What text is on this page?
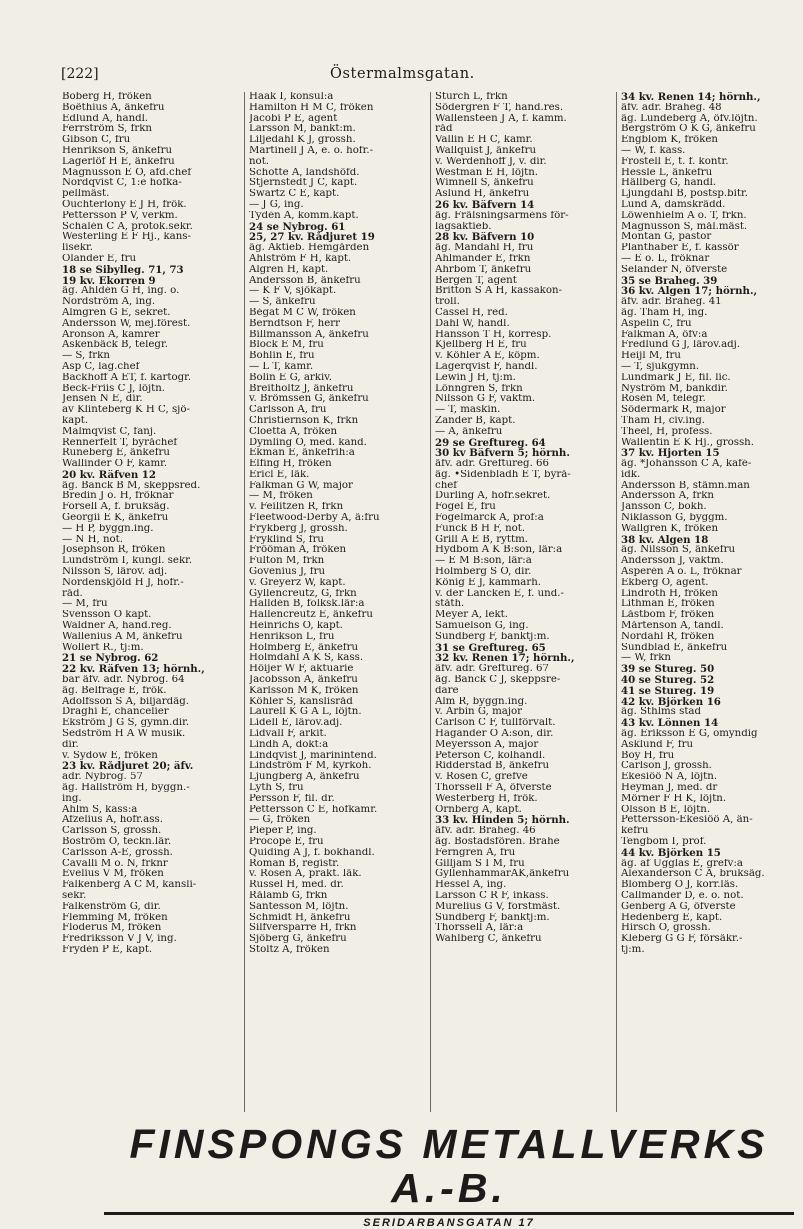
[222]	Östermalmsgatan.
Boberg H, fröken
Boëthius A, änkefru
Edlund A, handl.
Ferrström S, frkn
Gibson C, fru
Henrikson S, änkefru
Lagerlöf H E, änkefru
Magnusson E O, afd.chef
Nordqvist C, 1:e hofka-
pellmäst.
Ouchterlony E J H, frök.
Pettersson P V, verkm.
Schalén C A, protok.sekr.
Westerling E F Hj., kans-
lisekr.
Olander E, fru
18 se Sibylleg. 71, 73
19 kv. Ekorren 9
äg. Ahldén G H, ing. o.
Nordström A, ing.
Almgren G E, sekret.
Andersson W, mej.förest.
Aronson A, kamrer
Askenbäck B, telegr.
— S, frkn
Asp C, lag.chef
Backhoff A ET, f. kartogr.
Beck-Friis C J, löjtn.
Jensen N E, dir.
av Klinteberg K H C, sjö-
kapt.
Malmqvist C, fanj.
Rennerfelt T, byråchef
Runeberg E, änkefru
Wallinder O F, kamr.
20 kv. Räfven 12
äg. Banck B M, skeppsred.
Bredin J o. H, fröknar
Forsell A, f. bruksäg.
Georgii E K, änkefru
— H P, byggn.ing.
— N H, not.
Josephson R, fröken
Lundström I, kungl. sekr.
Nilsson S, lärov. adj.
Nordenskjöld H J, hofr.-
råd.
— M, fru
Svensson O kapt.
Waldner A, hand.reg.
Wallenius A M, änkefru
Wollert R., tj:m.
21 se Nybrog. 62
22 kv. Räfven 13; hörnh.,
bar äfv. adr. Nybrog. 64
äg. Belfrage E, frök.
Adolfsson S A, biljardäg.
Draghi E, chancelier
Ekström J G S, gymn.dir.
Sedström H A W musik.
dir.
v. Sydow E, fröken
23 kv. Rådjuret 20; äfv.
adr. Nybrog. 57
äg. Hallström H, byggn.-
ing.
Ahlm S, kass:a
Afzelius A, hofr.ass.
Carlsson S, grossh.
Boström O, teckn.lär.
Carlsson A-E, grossh.
Cavalli M o. N, frknr
Evelius V M, fröken
Falkenberg A C M, kansli-
sekr.
Falkenström G, dir.
Flemming M, fröken
Floderus M, fröken
Fredriksson V J V, ing.
Frydén P E, kapt.
Haak I, konsul:a
Hamilton H M C, fröken
Jacobi P E, agent
Larsson M, bankt:m.
Liljedahl K J, grossh.
Martinell J A, e. o. hofr.-
not.
Schotte A, landshöfd.
Stjernstedt J C, kapt.
Swartz C E, kapt.
— J G, ing.
Tydén A, komm.kapt.
24 se Nybrog. 61
25, 27 kv. Rådjuret 19
äg. Aktieb. Hemgården
Ahlström F H, kapt.
Algren H, kapt.
Andersson B, änkefru
— K F V, sjökapt.
— S, änkefru
Bégat M C W, fröken
Berndtson F, herr
Billmansson A, änkefru
Block E M, fru
Bohlin E, fru
— L T, kamr.
Bolin E G, arkiv.
Breitholtz J, änkefru
v. Brömssen G, änkefru
Carlsson A, fru
Christiernson K, frkn
Cloetta A, fröken
Dymling O, med. kand.
Ekman E, änkefrih:a
Elfing H, fröken
Ericl E, läk.
Falkman G W, major
— M, fröken
v. Feilitzen R, frkn
Fleetwood-Derby A, ä:fru
Frykberg J, grossh.
Fryklind S, fru
Frööman A, fröken
Fulton M, frkn
Govenius J, fru
v. Greyerz W, kapt.
Gyllencreutz, G, frkn
Halldén B, folksk.lär:a
Hallencreutz E, änkefru
Heinrichs O, kapt.
Henrikson L, fru
Holmberg E, änkefru
Holmdahl A K S, kass.
Höijer W F, aktuarie
Jacobsson A, änkefru
Karlsson M K, fröken
Köhler S, kanslisråd
Laurell K G A L, löjtn.
Lidell E, lärov.adj.
Lidvall F, arkit.
Lindh A, dokt:a
Lindqvist J, marinintend.
Lindström F M, kyrkoh.
Ljungberg A, änkefru
Lyth S, fru
Persson F, fil. dr.
Pettersson C E, hofkamr.
— G, fröken
Pieper P, ing.
Procopé E, fru
Quiding A J, f. bokhandl.
Roman B, registr.
v. Rosen A, prakt. läk.
Russel H, med. dr.
Rålamb G, frkn
Santesson M, löjtn.
Schmidt H, änkefru
Silfversparre H, frkn
Sjöberg G, änkefru
Stoltz A, fröken
Sturch L, frkn
Södergren F T, hand.res.
Wallensteen J A, f. kamm.
råd
Vallin E H C, kamr.
Wallquist J, änkefru
v. Werdenhoff J, v. dir.
Westman E H, löjtn.
Wimnell S, änkefru
Åslund H, änkefru
26 kv. Bäfvern 14
äg. Frälsningsarméns för-
lagsaktieb.
28 kv. Bäfvern 10
äg. Mandahl H, fru
Ahlmander E, frkn
Ahrbom T, änkefru
Bergen T, agent
Britton S A H, kassakon-
troll.
Cassel H, red.
Dahl W, handl.
Hansson T H, korresp.
Kjellberg H E, fru
v. Köhler A E, köpm.
Lagerqvist F, handl.
Lewin J H, tj:m.
Lönngren S, frkn
Nilsson G F, vaktm.
— T, maskin.
Zander B, kapt.
— A, änkefru
29 se Greftureg. 64
30 kv Bäfvern 5; hörnh.
äfv. adr. Greftureg. 66
äg. •Sidenbladh E T, byrå-
chef
Durling A, hofr.sekret.
Fogel E, fru
Fogelmarck A, prof:a
Funck B H F, not.
Grill A E B, ryttm.
Hydbom A K B:son, lär:a
— E M B:son, lär:a
Holmberg S O, dir.
König E J, kammarh.
v. der Lancken E, f. und.-
ståth.
Meyer A, lekt.
Samuelson G, ing.
Sundberg F, banktj:m.
31 se Greftureg. 65
32 kv. Renen 17; hörnh.,
äfv. adr. Greftureg. 67
äg. Banck C J, skeppsre-
dare
Alm R, byggn.ing.
v. Arbin G, major
Carlson C F, tullförvalt.
Hagander O A:son, dir.
Meyersson A, major
Peterson C, kolhandl.
Ridderstad B, änkefru
v. Rosen C, grefve
Thorssell F A, öfverste
Westerberg H, frök.
Örnberg A, kapt.
33 kv. Hinden 5; hörnh.
äfv. adr. Braheg. 46
äg. Bostadsfören. Brahe
Ferngren A, fru
Gilljam S I M, fru
GyllenhammarAK,änkefru
Hessel A, ing.
Larsson C R F, inkass.
Murelius G V, forstmäst.
Sundberg F, banktj:m.
Thorssell A, lär:a
Wahlberg C, änkefru
34 kv. Renen 14; hörnh.,
äfv. adr. Braheg. 48
äg. Lundeberg A, öfv.löjtn.
Bergström O K G, änkefru
Engblom K, fröken
— W, f. kass.
Frostell E, t. f. kontr.
Hessle L, änkefru
Hällberg G, handl.
Ljungdahl B, postsp.bitr.
Lund A, damskrädd.
Löwenhielm A o. T, frkn.
Magnusson S, mål.mäst.
Montan G, pastor
Planthaber E, f. kassör
— E o. L, fröknar
Selander N, öfverste
35 se Braheg. 39
36 kv. Algen 17; hörnh.,
äfv. adr. Braheg. 41
äg. Tham H, ing.
Aspelin C, fru
Falkman A, öfv:a
Fredlund G J, lärov.adj.
Heijl M, fru
— T, sjukgymn.
Lundmark J E, fil. lic.
Nyström M, bankdir.
Rosén M, telegr.
Södermark R, major
Tham H, civ.ing.
Theel, H, profess.
Wallentin E K Hj., grossh.
37 kv. Hjorten 15
äg. *Johansson C A, kafé-
idk.
Andersson B, stämn.man
Andersson A, frkn
Jansson C, bokh.
Niklasson G, byggm.
Wallgren K, fröken
38 kv. Algen 18
äg. Nilsson S, änkefru
Andersson J, vaktm.
Asperén A o. L, fröknar
Ekberg O, agent.
Lindroth H, fröken
Lithman E, fröken
Låstbom F, fröken
Mårtenson A, tandl.
Nordahl R, fröken
Sundblad E, änkefru
— W, frkn
39 se Stureg. 50
40 se Stureg. 52
41 se Stureg. 19
42 kv. Björken 16
äg. Sthlms stad
43 kv. Lönnen 14
äg. Eriksson E G, omyndig
Asklund F, fru
Boy H, fru
Carlson J, grossh.
Ekesiöö N A, löjtn.
Heyman J, med. dr
Mörner F H K, löjtn.
Olsson B E, löjtn.
Pettersson-Ekesiöö A, än-
kefru
Tengbom I, prof.
44 kv. Björken 15
äg. af Ugglas E, grefv:a
Alexanderson C A, bruksäg.
Blomberg O J, korr.läs.
Callmander D, e. o. not.
Genberg A G, öfverste
Hedenberg E, kapt.
Hirsch O, grossh.
Kleberg G G F, försäkr.-
tj:m.
FINSPONGS METALLVERKS A.-B.
SERIDARBANSGATAN 17
